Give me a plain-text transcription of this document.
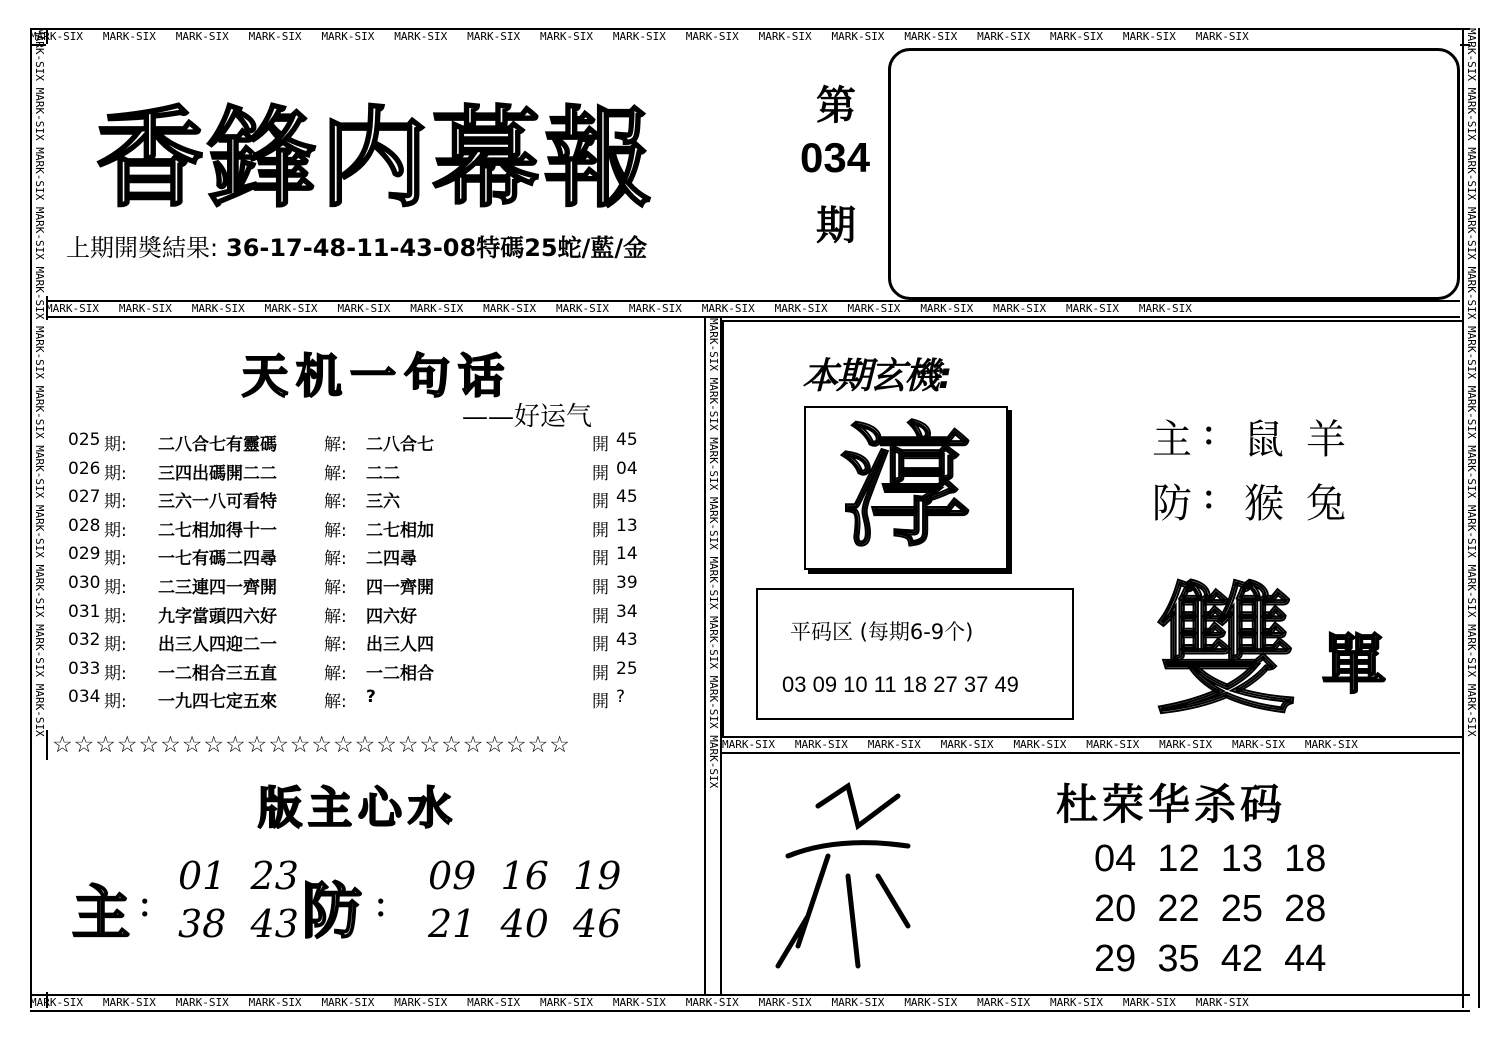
MARK-SIX MARK-SIX MARK-SIX MARK-SIX MARK-SIX MARK-SIX MARK-SIX MARK-SIX MARK-SIX MARK-SIX MARK-SIX MARK-SIX MARK-SIX MARK-SIX MARK-SIX MARK-SIX MARK-SIX
MARK-SIX MARK-SIX MARK-SIX MARK-SIX MARK-SIX MARK-SIX MARK-SIX MARK-SIX MARK-SIX MARK-SIX MARK-SIX MARK-SIX MARK-SIX MARK-SIX MARK-SIX MARK-SIX MARK-SIX
MARK-SIX MARK-SIX MARK-SIX MARK-SIX MARK-SIX MARK-SIX MARK-SIX MARK-SIX MARK-SIX MARK-SIX MARK-SIX MARK-SIX
MARK-SIX MARK-SIX MARK-SIX MARK-SIX MARK-SIX MARK-SIX MARK-SIX MARK-SIX MARK-SIX MARK-SIX MARK-SIX MARK-SIX
香鋒内幕報	第
034
期
上期開奬結果: 36-17-48-11-43-08特碼25蛇/藍/金
MARK-SIX MARK-SIX MARK-SIX MARK-SIX MARK-SIX MARK-SIX MARK-SIX MARK-SIX MARK-SIX MARK-SIX MARK-SIX MARK-SIX MARK-SIX MARK-SIX MARK-SIX MARK-SIX
MARK-SIX MARK-SIX MARK-SIX MARK-SIX MARK-SIX MARK-SIX MARK-SIX MARK-SIX
天机一句话
——好运气
025 期: 二八合七有靈碼	解: 二八合七	開 45
026 期: 三四出碼開二二	解: 二二	開 04
027 期: 三六一八可看特	解: 三六	開 45
028 期: 二七相加得十一	解: 二七相加	開 13
029 期: 一七有碼二四尋	解: 二四尋	開 14
030 期: 二三連四一齊開	解: 四一齊開	開 39
031 期: 九字當頭四六好	解: 四六好	開 34
032 期: 出三人四迎二一	解: 出三人四	開 43
033 期: 一二相合三五直	解: 一二相合	開 25
034 期: 一九四七定五來	解: ?	開 ?
☆☆☆☆☆☆☆☆☆☆☆☆☆☆☆☆☆☆☆☆☆☆☆☆
本期玄機:
淳	主 : 鼠羊
防 : 猴兔
雙 單
平码区 (每期6-9个)
03 09 10 11 18 27 37 49
MARK-SIX MARK-SIX MARK-SIX MARK-SIX MARK-SIX MARK-SIX MARK-SIX MARK-SIX MARK-SIX
版主心水
主 :
01  23
38  43 防 :
09  16  19
21  40  46
杜荣华杀码
04  12  13  18
20  22  25  28
29  35  42  44
